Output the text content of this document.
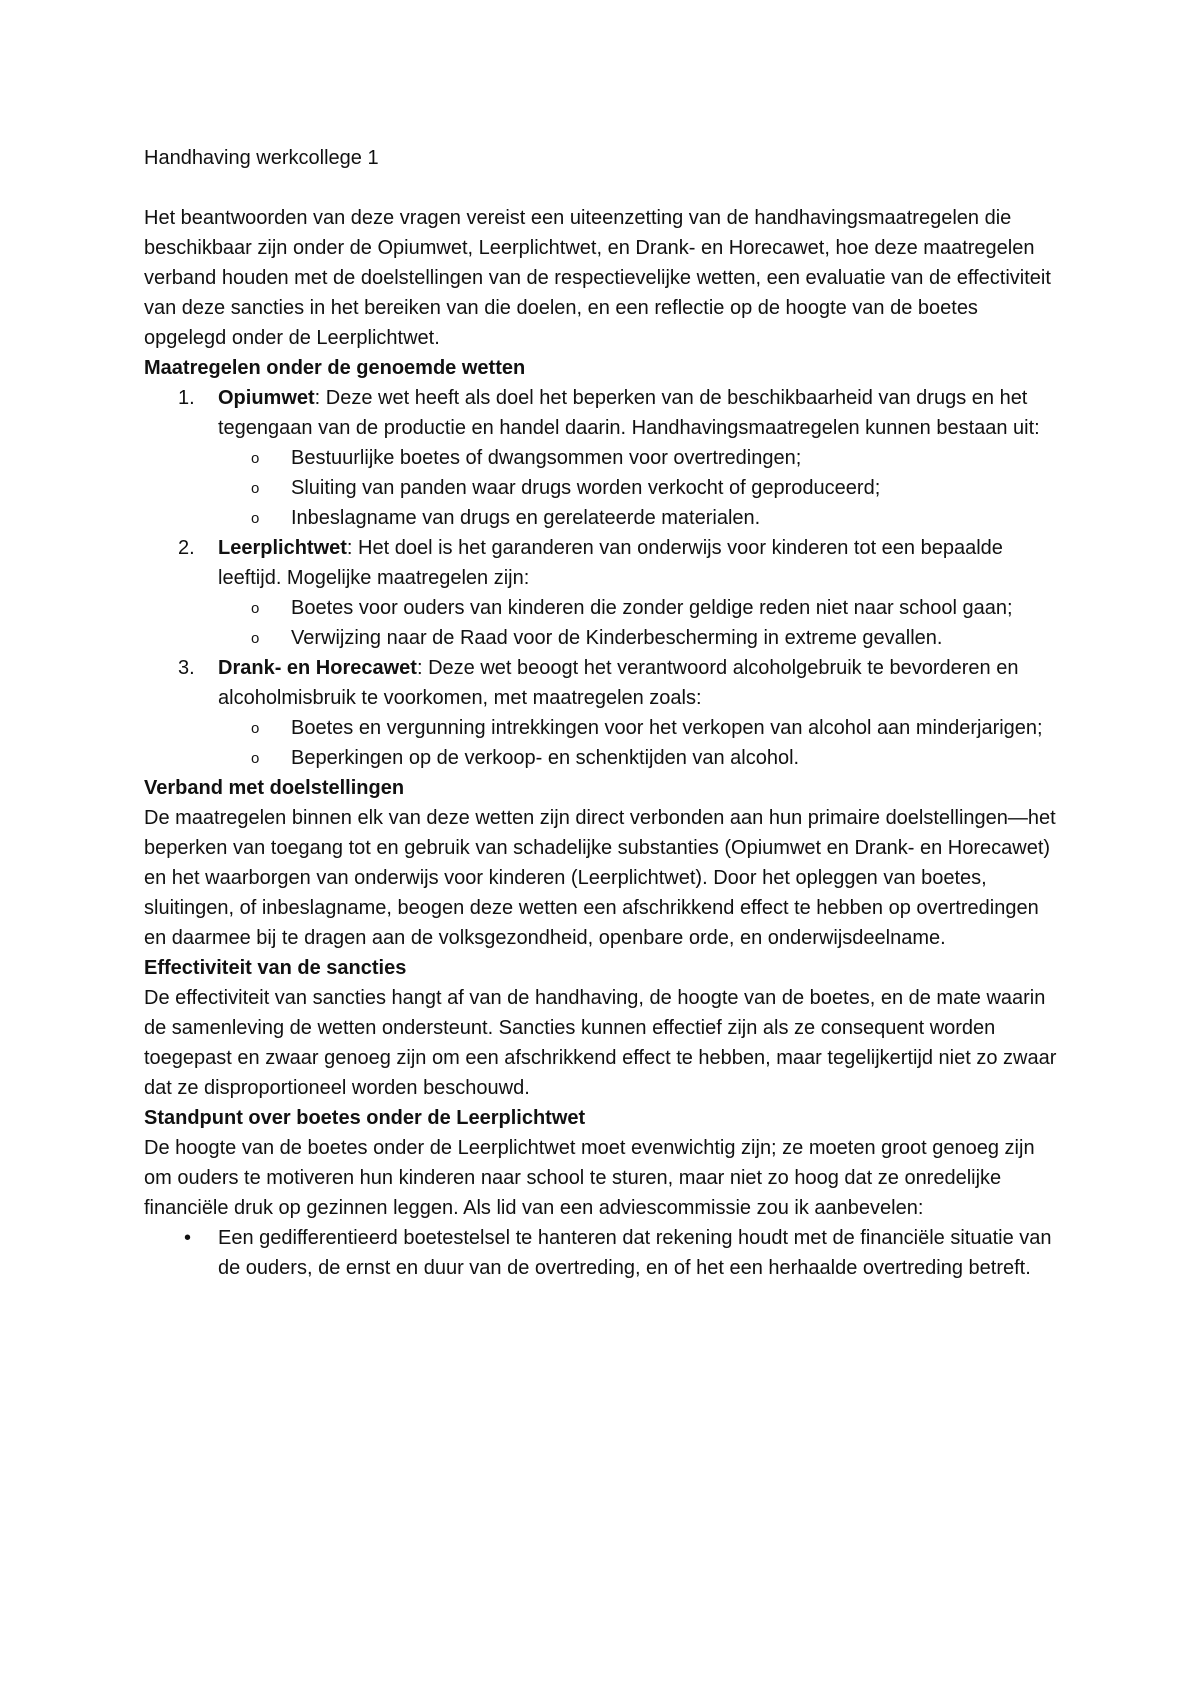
Handhaving werkcollege 1

Het beantwoorden van deze vragen vereist een uiteenzetting van de handhavingsmaatregelen die beschikbaar zijn onder de Opiumwet, Leerplichtwet, en Drank- en Horecawet, hoe deze maatregelen verband houden met de doelstellingen van de respectievelijke wetten, een evaluatie van de effectiviteit van deze sancties in het bereiken van die doelen, en een reflectie op de hoogte van de boetes opgelegd onder de Leerplichtwet.

Maatregelen onder de genoemde wetten
1. Opiumwet: Deze wet heeft als doel het beperken van de beschikbaarheid van drugs en het tegengaan van de productie en handel daarin. Handhavingsmaatregelen kunnen bestaan uit:
o Bestuurlijke boetes of dwangsommen voor overtredingen;
o Sluiting van panden waar drugs worden verkocht of geproduceerd;
o Inbeslagname van drugs en gerelateerde materialen.
2. Leerplichtwet: Het doel is het garanderen van onderwijs voor kinderen tot een bepaalde leeftijd. Mogelijke maatregelen zijn:
o Boetes voor ouders van kinderen die zonder geldige reden niet naar school gaan;
o Verwijzing naar de Raad voor de Kinderbescherming in extreme gevallen.
3. Drank- en Horecawet: Deze wet beoogt het verantwoord alcoholgebruik te bevorderen en alcoholmisbruik te voorkomen, met maatregelen zoals:
o Boetes en vergunning intrekkingen voor het verkopen van alcohol aan minderjarigen;
o Beperkingen op de verkoop- en schenktijden van alcohol.
Verband met doelstellingen

De maatregelen binnen elk van deze wetten zijn direct verbonden aan hun primaire doelstellingen—het beperken van toegang tot en gebruik van schadelijke substanties (Opiumwet en Drank- en Horecawet) en het waarborgen van onderwijs voor kinderen (Leerplichtwet). Door het opleggen van boetes, sluitingen, of inbeslagname, beogen deze wetten een afschrikkend effect te hebben op overtredingen en daarmee bij te dragen aan de volksgezondheid, openbare orde, en onderwijsdeelname.

Effectiviteit van de sancties

De effectiviteit van sancties hangt af van de handhaving, de hoogte van de boetes, en de mate waarin de samenleving de wetten ondersteunt. Sancties kunnen effectief zijn als ze consequent worden toegepast en zwaar genoeg zijn om een afschrikkend effect te hebben, maar tegelijkertijd niet zo zwaar dat ze disproportioneel worden beschouwd.

Standpunt over boetes onder de Leerplichtwet

De hoogte van de boetes onder de Leerplichtwet moet evenwichtig zijn; ze moeten groot genoeg zijn om ouders te motiveren hun kinderen naar school te sturen, maar niet zo hoog dat ze onredelijke financiële druk op gezinnen leggen. Als lid van een adviescommissie zou ik aanbevelen:

• Een gedifferentieerd boetestelsel te hanteren dat rekening houdt met de financiële situatie van de ouders, de ernst en duur van de overtreding, en of het een herhaalde overtreding betreft.
